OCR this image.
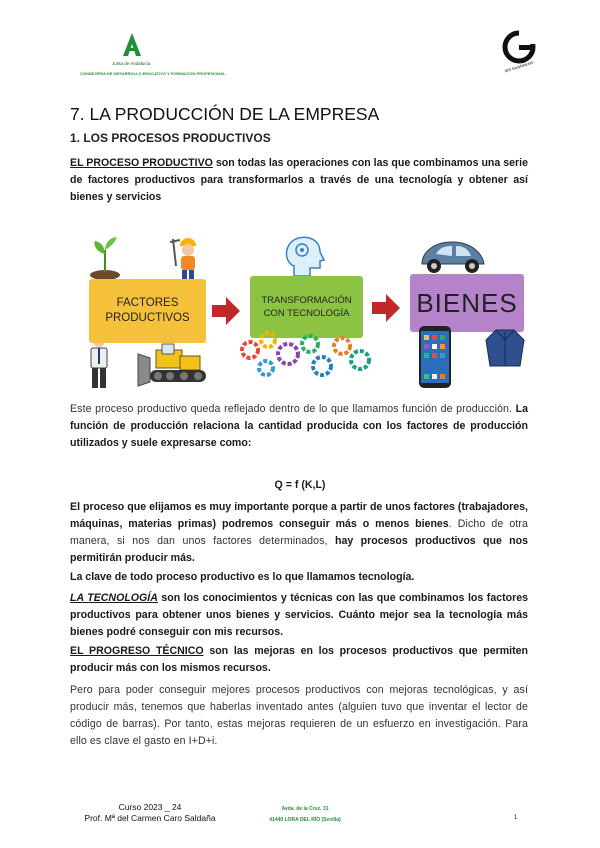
Junta de Andalucía
CONSEJERÍA DE DESARROLLO EDUCATIVO Y FORMACIÓN PROFESIONAL	IES Guadalquivir
7. LA PRODUCCIÓN DE LA EMPRESA
1. LOS PROCESOS PRODUCTIVOS
EL PROCESO PRODUCTIVO son todas las operaciones con las que combinamos una serie de factores productivos para transformarlos a través de una tecnología y obtener así bienes y servicios
FACTORES
PRODUCTIVOS
TRANSFORMACIÓN
CON TECNOLOGÍA	BIENES
Este proceso productivo queda reflejado dentro de lo que llamamos función de producción. La función de producción relaciona la cantidad producida con los factores de producción utilizados y suele expresarse como:
Q = f (K,L)
El proceso que elijamos es muy importante porque a partir de unos factores (trabajadores, máquinas, materias primas) podremos conseguir más o menos bienes. Dicho de otra manera, si nos dan unos factores determinados, hay procesos productivos que nos permitirán producir más.
La clave de todo proceso productivo es lo que llamamos tecnología.
LA TECNOLOGÍA son los conocimientos y técnicas con las que combinamos los factores productivos para obtener unos bienes y servicios. Cuánto mejor sea la tecnología más bienes podré conseguir con mis recursos.
EL PROGRESO TÉCNICO son las mejoras en los procesos productivos que permiten producir más con los mismos recursos.
Pero para poder conseguir mejores procesos productivos con mejoras tecnológicas, y así producir más, tenemos que haberlas inventado antes (alguien tuvo que inventar el lector de código de barras). Por tanto, estas mejoras requieren de un esfuerzo en investigación. Para ello es clave el gasto en I+D+i.
Curso 2023 _ 24
Prof. Mª del Carmen Caro Saldaña
Avda. de la Cruz, 31
41440 LORA DEL RÍO (Sevilla)	1
